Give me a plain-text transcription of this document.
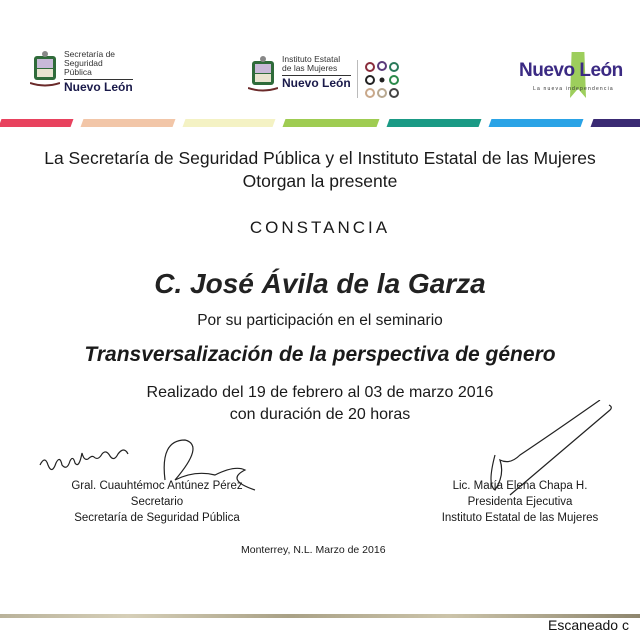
Secretaría de
Seguridad
Pública
Nuevo León
Instituto Estatal
de las Mujeres
Nuevo León
Nuevo León
La nueva independencia
La Secretaría de Seguridad Pública y el Instituto Estatal de las Mujeres
Otorgan la presente
CONSTANCIA
C. José Ávila de la Garza
Por su participación en el seminario
Transversalización de la perspectiva de género
Realizado del 19 de febrero al 03 de marzo 2016
con duración de 20 horas
Gral. Cuauhtémoc Antúnez Pérez
Secretario
Secretaría de Seguridad Pública
Lic. María Elena Chapa H.
Presidenta Ejecutiva
Instituto Estatal de las Mujeres
Monterrey, N.L. Marzo de 2016
Escaneado c
